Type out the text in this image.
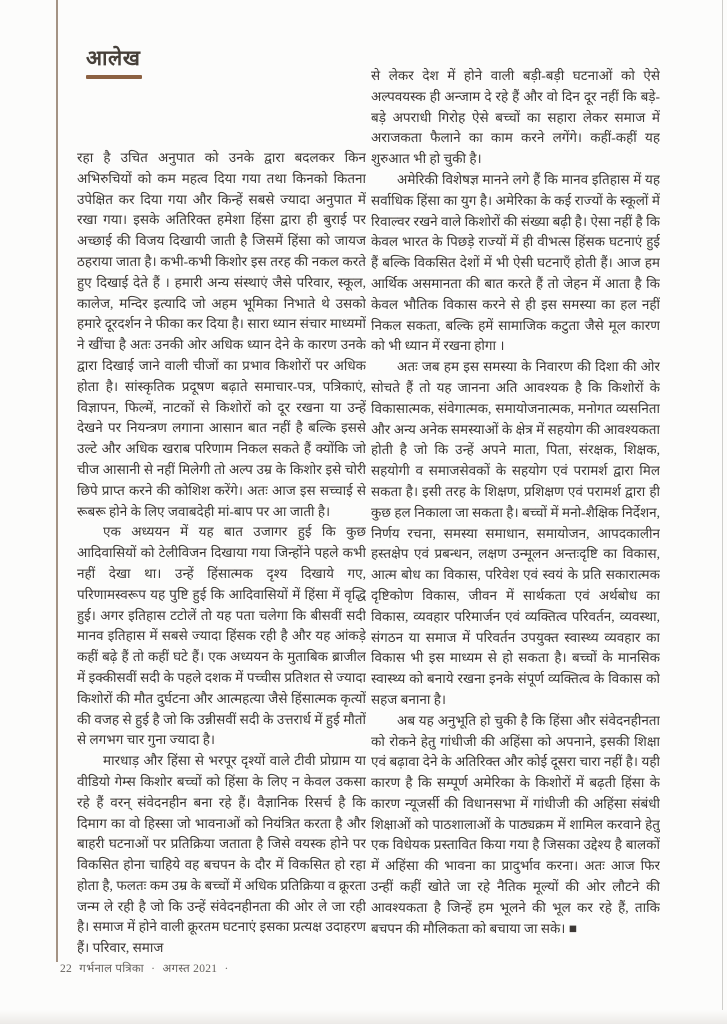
आलेख

रहा है उचित अनुपात को उनके द्वारा बदलकर किन अभिरुचियों को कम महत्व दिया गया तथा किनको कितना उपेक्षित कर दिया गया और किन्हें सबसे ज्यादा अनुपात में रखा गया। इसके अतिरिक्त हमेशा हिंसा द्वारा ही बुराई पर अच्छाई की विजय दिखायी जाती है जिसमें हिंसा को जायज ठहराया जाता है। कभी-कभी किशोर इस तरह की नकल करते हुए दिखाई देते हैं । हमारी अन्य संस्थाएं जैसे परिवार, स्कूल, कालेज, मन्दिर इत्यादि जो अहम भूमिका निभाते थे उसको हमारे दूरदर्शन ने फीका कर दिया है। सारा ध्यान संचार माध्यमों ने खींचा है अतः उनकी ओर अधिक ध्यान देने के कारण उनके द्वारा दिखाई जाने वाली चीजों का प्रभाव किशोरों पर अधिक होता है। सांस्कृतिक प्रदूषण बढ़ाते समाचार-पत्र, पत्रिकाएं, विज्ञापन, फिल्में, नाटकों से किशोरों को दूर रखना या उन्हें देखने पर नियन्त्रण लगाना आसान बात नहीं है बल्कि इससे उल्टे और अधिक खराब परिणाम निकल सकते हैं क्योंकि जो चीज आसानी से नहीं मिलेगी तो अल्प उम्र के किशोर इसे चोरी छिपे प्राप्त करने की कोशिश करेंगे। अतः आज इस सच्चाई से रूबरू होने के लिए जवाबदेही मां-बाप पर आ जाती है।

एक अध्ययन में यह बात उजागर हुई कि कुछ आदिवासियों को टेलीविजन दिखाया गया जिन्होंने पहले कभी नहीं देखा था। उन्हें हिंसात्मक दृश्य दिखाये गए, परिणामस्वरूप यह पुष्टि हुई कि आदिवासियों में हिंसा में वृद्धि हुई। अगर इतिहास टटोलें तो यह पता चलेगा कि बीसवीं सदी मानव इतिहास में सबसे ज्यादा हिंसक रही है और यह आंकड़े कहीं बढ़े हैं तो कहीं घटे हैं। एक अध्ययन के मुताबिक ब्राजील में इक्कीसवीं सदी के पहले दशक में पच्चीस प्रतिशत से ज्यादा किशोरों की मौत दुर्घटना और आत्महत्या जैसे हिंसात्मक कृत्यों की वजह से हुई है जो कि उन्नीसवीं सदी के उत्तरार्ध में हुई मौतों से लगभग चार गुना ज्यादा है।

मारधाड़ और हिंसा से भरपूर दृश्यों वाले टीवी प्रोग्राम या वीडियो गेम्स किशोर बच्चों को हिंसा के लिए न केवल उकसा रहे हैं वरन् संवेदनहीन बना रहे हैं। वैज्ञानिक रिसर्च है कि दिमाग का वो हिस्सा जो भावनाओं को नियंत्रित करता है और बाहरी घटनाओं पर प्रतिक्रिया जताता है जिसे वयस्क होने पर विकसित होना चाहिये वह बचपन के दौर में विकसित हो रहा होता है, फलतः कम उम्र के बच्चों में अधिक प्रतिक्रिया व क्रूरता जन्म ले रही है जो कि उन्हें संवेदनहीनता की ओर ले जा रही है। समाज में होने वाली क्रूरतम घटनाएं इसका प्रत्यक्ष उदाहरण हैं। परिवार, समाज

से लेकर देश में होने वाली बड़ी-बड़ी घटनाओं को ऐसे अल्पवयस्क ही अन्जाम दे रहे हैं और वो दिन दूर नहीं कि बड़े-बड़े अपराधी गिरोह ऐसे बच्चों का सहारा लेकर समाज में अराजकता फैलाने का काम करने लगेंगे। कहीं-कहीं यह शुरुआत भी हो चुकी है।

अमेरिकी विशेषज्ञ मानने लगे हैं कि मानव इतिहास में यह सर्वाधिक हिंसा का युग है। अमेरिका के कई राज्यों के स्कूलों में रिवाल्वर रखने वाले किशोरों की संख्या बढ़ी है। ऐसा नहीं है कि केवल भारत के पिछड़े राज्यों में ही वीभत्स हिंसक घटनाएं हुई हैं बल्कि विकसित देशों में भी ऐसी घटनाएँ होती हैं। आज हम आर्थिक असमानता की बात करते हैं तो जेहन में आता है कि केवल भौतिक विकास करने से ही इस समस्या का हल नहीं निकल सकता, बल्कि हमें सामाजिक कटुता जैसे मूल कारण को भी ध्यान में रखना होगा ।

अतः जब हम इस समस्या के निवारण की दिशा की ओर सोचते हैं तो यह जानना अति आवश्यक है कि किशोरों के विकासात्मक, संवेगात्मक, समायोजनात्मक, मनोगत व्यसनिता और अन्य अनेक समस्याओं के क्षेत्र में सहयोग की आवश्यकता होती है जो कि उन्हें अपने माता, पिता, संरक्षक, शिक्षक, सहयोगी व समाजसेवकों के सहयोग एवं परामर्श द्वारा मिल सकता है। इसी तरह के शिक्षण, प्रशिक्षण एवं परामर्श द्वारा ही कुछ हल निकाला जा सकता है। बच्चों में मनो-शैक्षिक निर्देशन, निर्णय रचना, समस्या समाधान, समायोजन, आपदकालीन हस्तक्षेप एवं प्रबन्धन, लक्षण उन्मूलन अन्तःदृष्टि का विकास, आत्म बोध का विकास, परिवेश एवं स्वयं के प्रति सकारात्मक दृष्टिकोण विकास, जीवन में सार्थकता एवं अर्थबोध का विकास, व्यवहार परिमार्जन एवं व्यक्तित्व परिवर्तन, व्यवस्था, संगठन या समाज में परिवर्तन उपयुक्त स्वास्थ्य व्यवहार का विकास भी इस माध्यम से हो सकता है। बच्चों के मानसिक स्वास्थ्य को बनाये रखना इनके संपूर्ण व्यक्तित्व के विकास को सहज बनाना है।

अब यह अनुभूति हो चुकी है कि हिंसा और संवेदनहीनता को रोकने हेतु गांधीजी की अहिंसा को अपनाने, इसकी शिक्षा एवं बढ़ावा देने के अतिरिक्त और कोई दूसरा चारा नहीं है। यही कारण है कि सम्पूर्ण अमेरिका के किशोरों में बढ़ती हिंसा के कारण न्यूजर्सी की विधानसभा में गांधीजी की अहिंसा संबंधी शिक्षाओं को पाठशालाओं के पाठ्यक्रम में शामिल करवाने हेतु एक विधेयक प्रस्तावित किया गया है जिसका उद्देश्य है बालकों में अहिंसा की भावना का प्रादुर्भाव करना। अतः आज फिर उन्हीं कहीं खोते जा रहे नैतिक मूल्यों की ओर लौटने की आवश्यकता है जिन्हें हम भूलने की भूल कर रहे हैं, ताकि बचपन की मौलिकता को बचाया जा सके। ■

22 गर्भनाल पत्रिका · अगस्त 2021 ·
